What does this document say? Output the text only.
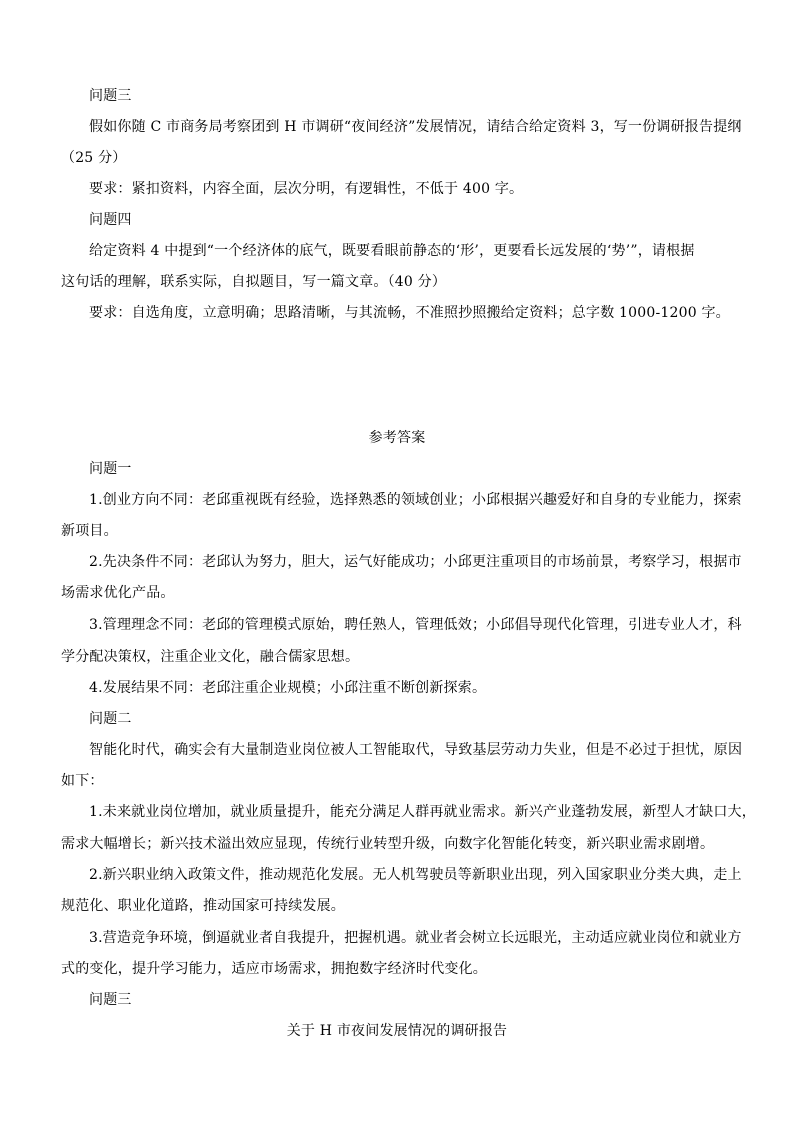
问题三
假如你随 C 市商务局考察团到 H 市调研“夜间经济”发展情况，请结合给定资料 3，写一份调研报告提纲
（25 分）
要求：紧扣资料，内容全面，层次分明，有逻辑性，不低于 400 字。
问题四
给定资料 4 中提到“一个经济体的底气，既要看眼前静态的‘形’，更要看长远发展的‘势’”，请根据
这句话的理解，联系实际，自拟题目，写一篇文章。（40 分）
要求：自选角度，立意明确；思路清晰，与其流畅，不准照抄照搬给定资料；总字数 1000-1200 字。
参考答案
问题一
1.创业方向不同：老邱重视既有经验，选择熟悉的领域创业；小邱根据兴趣爱好和自身的专业能力，探索
新项目。
2.先决条件不同：老邱认为努力，胆大，运气好能成功；小邱更注重项目的市场前景，考察学习，根据市
场需求优化产品。
3.管理理念不同：老邱的管理模式原始，聘任熟人，管理低效；小邱倡导现代化管理，引进专业人才，科
学分配决策权，注重企业文化，融合儒家思想。
4.发展结果不同：老邱注重企业规模；小邱注重不断创新探索。
问题二
智能化时代，确实会有大量制造业岗位被人工智能取代，导致基层劳动力失业，但是不必过于担忧，原因
如下：
1.未来就业岗位增加，就业质量提升，能充分满足人群再就业需求。新兴产业蓬勃发展，新型人才缺口大，
需求大幅增长；新兴技术溢出效应显现，传统行业转型升级，向数字化智能化转变，新兴职业需求剧增。
2.新兴职业纳入政策文件，推动规范化发展。无人机驾驶员等新职业出现，列入国家职业分类大典，走上
规范化、职业化道路，推动国家可持续发展。
3.营造竞争环境，倒逼就业者自我提升，把握机遇。就业者会树立长远眼光，主动适应就业岗位和就业方
式的变化，提升学习能力，适应市场需求，拥抱数字经济时代变化。
问题三
关于 H 市夜间发展情况的调研报告
